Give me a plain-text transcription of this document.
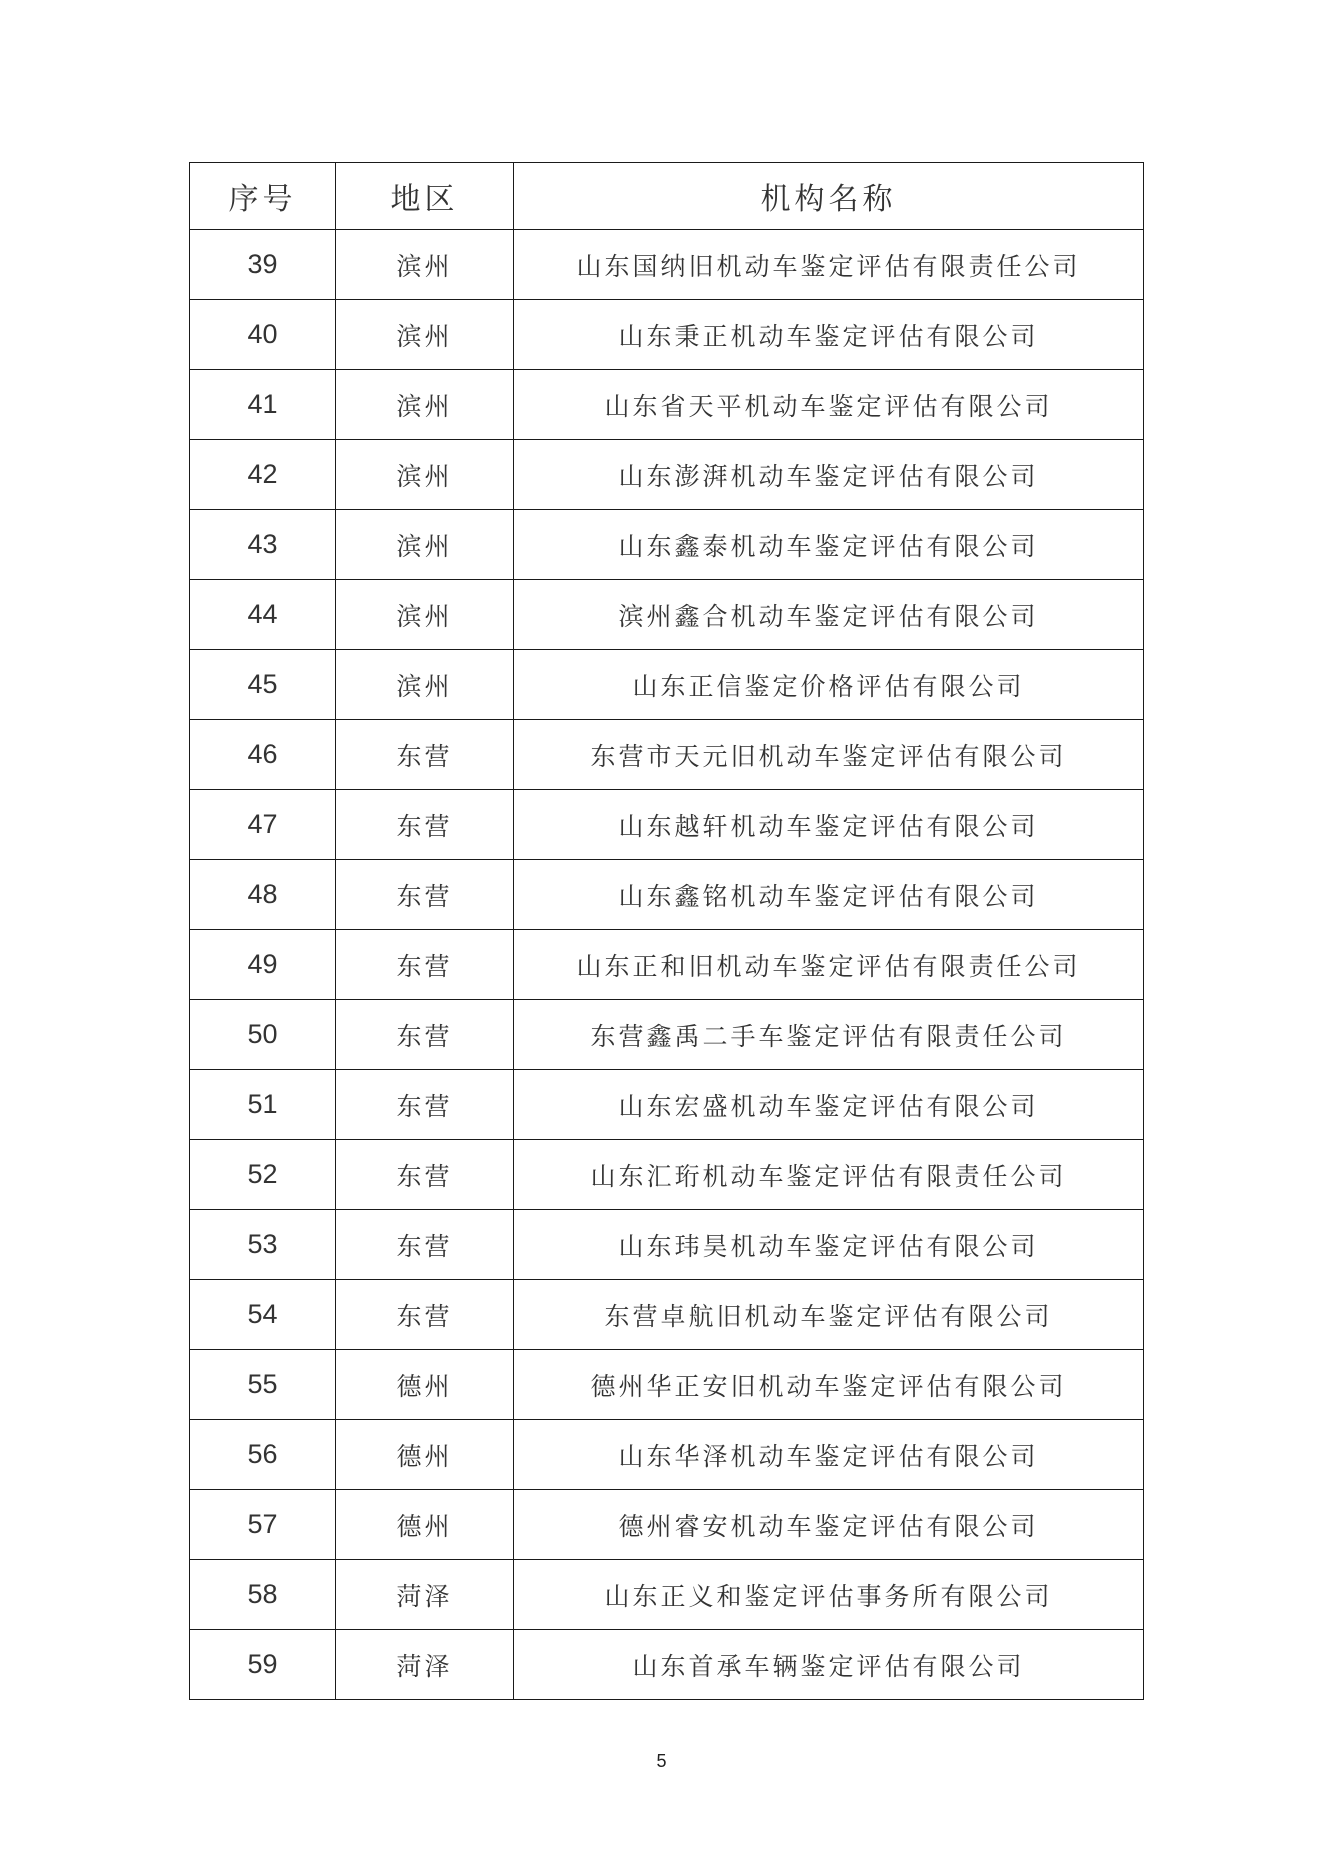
序号	地区	机构名称
39	滨州	山东国纳旧机动车鉴定评估有限责任公司
40	滨州	山东秉正机动车鉴定评估有限公司
41	滨州	山东省天平机动车鉴定评估有限公司
42	滨州	山东澎湃机动车鉴定评估有限公司
43	滨州	山东鑫泰机动车鉴定评估有限公司
44	滨州	滨州鑫合机动车鉴定评估有限公司
45	滨州	山东正信鉴定价格评估有限公司
46	东营	东营市天元旧机动车鉴定评估有限公司
47	东营	山东越轩机动车鉴定评估有限公司
48	东营	山东鑫铭机动车鉴定评估有限公司
49	东营	山东正和旧机动车鉴定评估有限责任公司
50	东营	东营鑫禹二手车鉴定评估有限责任公司
51	东营	山东宏盛机动车鉴定评估有限公司
52	东营	山东汇珩机动车鉴定评估有限责任公司
53	东营	山东玮昊机动车鉴定评估有限公司
54	东营	东营卓航旧机动车鉴定评估有限公司
55	德州	德州华正安旧机动车鉴定评估有限公司
56	德州	山东华泽机动车鉴定评估有限公司
57	德州	德州睿安机动车鉴定评估有限公司
58	菏泽	山东正义和鉴定评估事务所有限公司
59	菏泽	山东首承车辆鉴定评估有限公司
5
